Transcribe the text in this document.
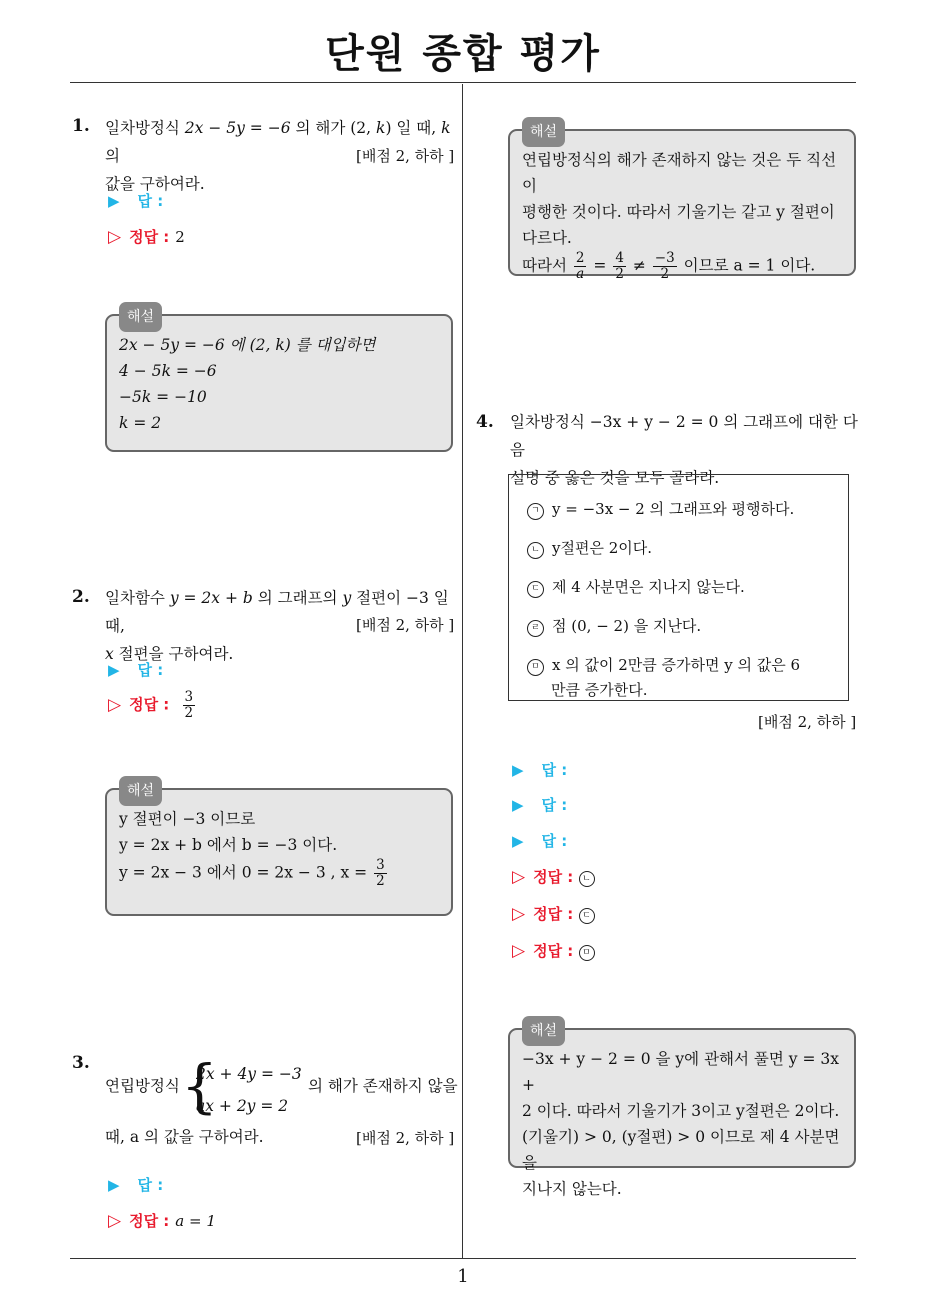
단원 종합 평가
1
1. 일차방정식 2x − 5y = −6 의 해가 (2, k) 일 때, k 의
값을 구하여라.
[배점 2, 하하 ]
▶ 답 :
▷ 정답 : 2
해설
2x − 5y = −6 에 (2, k) 를 대입하면
4 − 5k = −6
−5k = −10
k = 2
2. 일차함수 y = 2x + b 의 그래프의 y 절편이 −3 일 때,
x 절편을 구하여라.
[배점 2, 하하 ]
▶ 답 :
▷ 정답 : $\frac{3}{2}$
해설
y 절편이 −3 이므로
y = 2x + b 에서 b = −3 이다.
y = 2x − 3 에서 0 = 2x − 3 , $x = \frac{3}{2}$
3.
연립방정식 {
2x + 4y = −3
ax + 2y = 2
의 해가 존재하지 않을
때, a 의 값을 구하여라.	[배점 2, 하하 ]
▶ 답 :
▷ 정답 : a = 1
해설
연립방정식의 해가 존재하지 않는 것은 두 직선이
평행한 것이다. 따라서 기울기는 같고 y 절편이
다르다.
따라서 $\frac{2}{a} = \frac{4}{2} \ne \frac{-3}{2}$ 이므로 a = 1 이다.
4. 일차방정식 −3x + y − 2 = 0 의 그래프에 대한 다음
설명 중 옳은 것을 모두 골라라.
ㄱ y = −3x − 2 의 그래프와 평행하다.
ㄴ y절편은 2이다.
ㄷ 제 4 사분면은 지나지 않는다.
ㄹ 점 (0, − 2) 을 지난다.
ㅁ x 의 값이 2만큼 증가하면 y 의 값은 6
만큼 증가한다.
[배점 2, 하하 ]
▶ 답 :
▶ 답 :
▶ 답 :
▷ 정답 : ㄴ
▷ 정답 : ㄷ
▷ 정답 : ㅁ
해설
−3x + y − 2 = 0 을 y에 관해서 풀면 y = 3x +
2 이다. 따라서 기울기가 3이고 y절편은 2이다.
(기울기) > 0, (y절편) > 0 이므로 제 4 사분면을
지나지 않는다.
